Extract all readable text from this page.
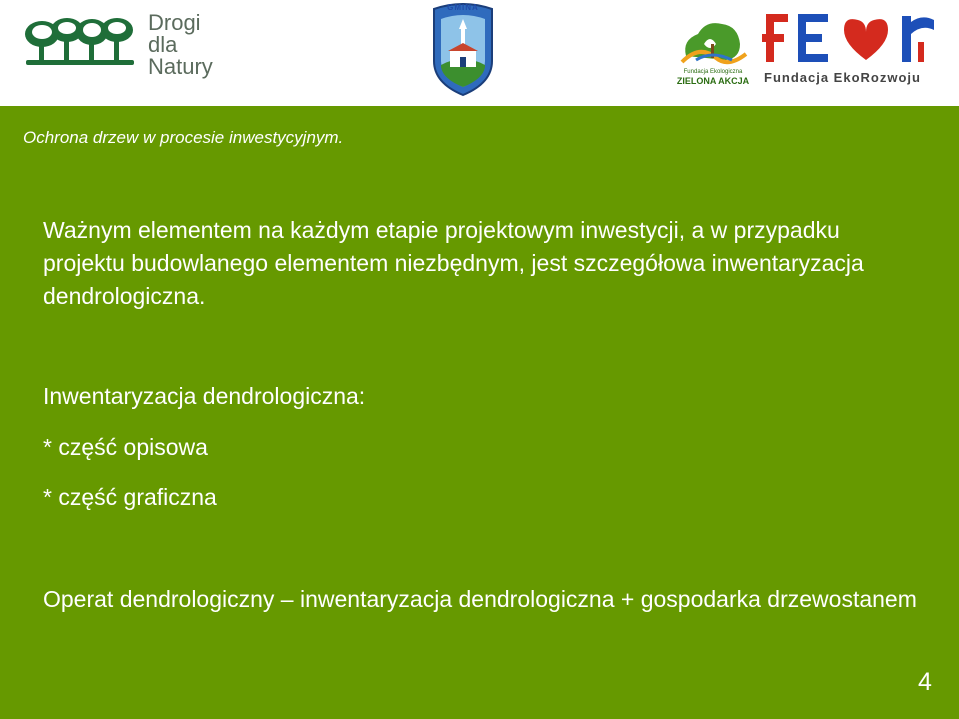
Drogi
dla
Natury
GMINA
Fundacja Ekologiczna
ZIELONA AKCJA Fundacja EkoRozwoju
Ochrona drzew w procesie inwestycyjnym.
Ważnym elementem na każdym etapie projektowym inwestycji, a w przypadku projektu budowlanego elementem niezbędnym, jest szczegółowa inwentaryzacja dendrologiczna.
Inwentaryzacja dendrologiczna:
* część opisowa
* część graficzna
Operat dendrologiczny – inwentaryzacja dendrologiczna + gospodarka drzewostanem
4
